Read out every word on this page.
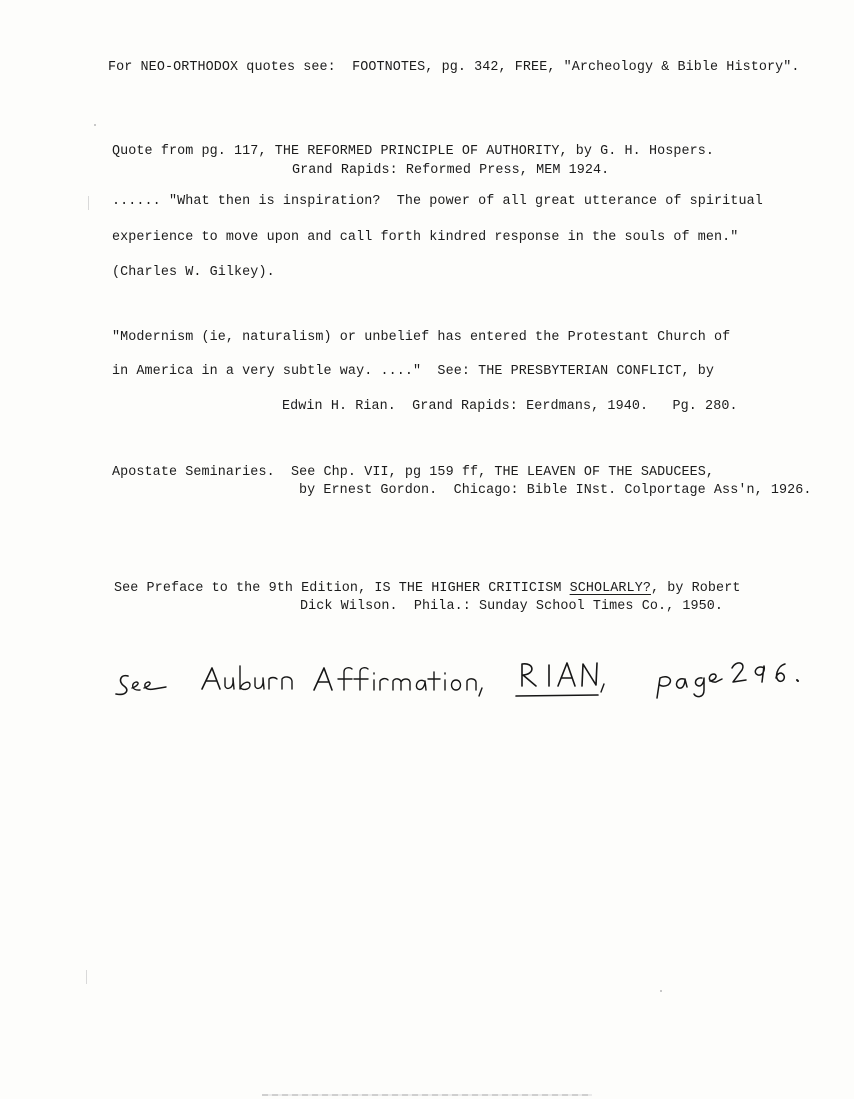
For NEO-ORTHODOX quotes see:  FOOTNOTES, pg. 342, FREE, "Archeology & Bible History".
Quote from pg. 117, THE REFORMED PRINCIPLE OF AUTHORITY, by G. H. Hospers.
Grand Rapids: Reformed Press, MEM 1924.
...... "What then is inspiration?  The power of all great utterance of spiritual
experience to move upon and call forth kindred response in the souls of men."
(Charles W. Gilkey).
"Modernism (ie, naturalism) or unbelief has entered the Protestant Church of
in America in a very subtle way. ...."  See: THE PRESBYTERIAN CONFLICT, by
Edwin H. Rian.  Grand Rapids: Eerdmans, 1940.   Pg. 280.
Apostate Seminaries.  See Chp. VII, pg 159 ff, THE LEAVEN OF THE SADUCEES,
by Ernest Gordon.  Chicago: Bible INst. Colportage Ass'n, 1926.
See Preface to the 9th Edition, IS THE HIGHER CRITICISM SCHOLARLY?, by Robert
Dick Wilson.  Phila.: Sunday School Times Co., 1950.
